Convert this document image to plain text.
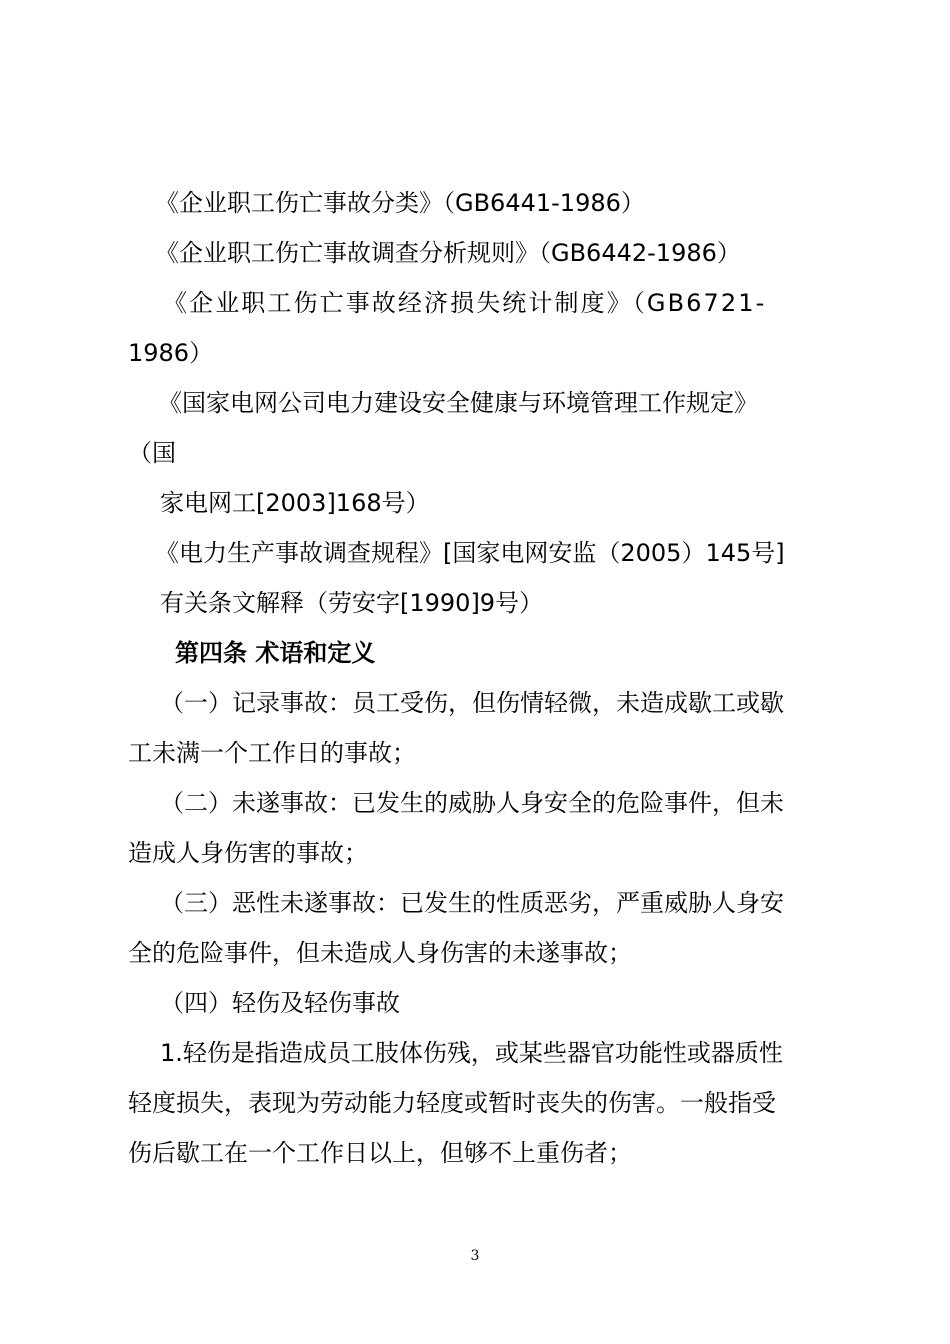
《企业职工伤亡事故分类》（GB6441-1986）
《企业职工伤亡事故调查分析规则》（GB6442-1986）
《企业职工伤亡事故经济损失统计制度》（GB6721-
1986）
《国家电网公司电力建设安全健康与环境管理工作规定》
（国
家电网工[2003]168号）
《电力生产事故调查规程》[国家电网安监（2005）145号]
有关条文解释（劳安字[1990]9号）
第四条 术语和定义
（一）记录事故：员工受伤，但伤情轻微，未造成歇工或歇
工未满一个工作日的事故；
（二）未遂事故：已发生的威胁人身安全的危险事件，但未
造成人身伤害的事故；
（三）恶性未遂事故：已发生的性质恶劣，严重威胁人身安
全的危险事件，但未造成人身伤害的未遂事故；
（四）轻伤及轻伤事故
1.轻伤是指造成员工肢体伤残，或某些器官功能性或器质性
轻度损失，表现为劳动能力轻度或暂时丧失的伤害。一般指受
伤后歇工在一个工作日以上，但够不上重伤者；
3
